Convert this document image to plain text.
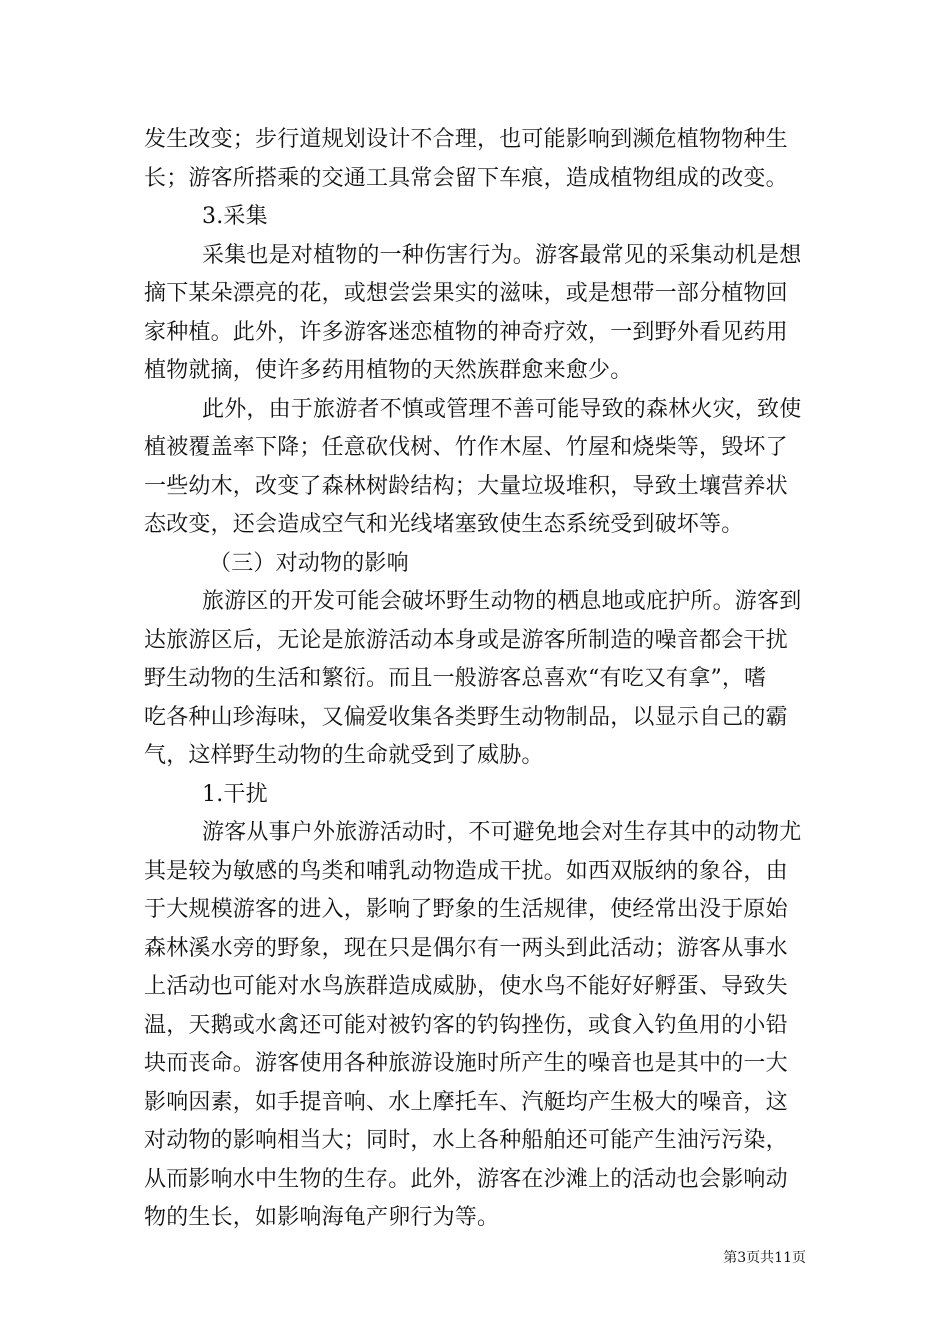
发生改变；步行道规划设计不合理，也可能影响到濒危植物物种生
长；游客所搭乘的交通工具常会留下车痕，造成植物组成的改变。
3.采集
采集也是对植物的一种伤害行为。游客最常见的采集动机是想
摘下某朵漂亮的花，或想尝尝果实的滋味，或是想带一部分植物回
家种植。此外，许多游客迷恋植物的神奇疗效，一到野外看见药用
植物就摘，使许多药用植物的天然族群愈来愈少。
此外，由于旅游者不慎或管理不善可能导致的森林火灾，致使
植被覆盖率下降；任意砍伐树、竹作木屋、竹屋和烧柴等，毁坏了
一些幼木，改变了森林树龄结构；大量垃圾堆积，导致土壤营养状
态改变，还会造成空气和光线堵塞致使生态系统受到破坏等。
（三）对动物的影响
旅游区的开发可能会破坏野生动物的栖息地或庇护所。游客到
达旅游区后，无论是旅游活动本身或是游客所制造的噪音都会干扰
野生动物的生活和繁衍。而且一般游客总喜欢“有吃又有拿”，嗜
吃各种山珍海味，又偏爱收集各类野生动物制品，以显示自己的霸
气，这样野生动物的生命就受到了威胁。
1.干扰
游客从事户外旅游活动时，不可避免地会对生存其中的动物尤
其是较为敏感的鸟类和哺乳动物造成干扰。如西双版纳的象谷，由
于大规模游客的进入，影响了野象的生活规律，使经常出没于原始
森林溪水旁的野象，现在只是偶尔有一两头到此活动；游客从事水
上活动也可能对水鸟族群造成威胁，使水鸟不能好好孵蛋、导致失
温，天鹅或水禽还可能对被钓客的钓钩挫伤，或食入钓鱼用的小铅
块而丧命。游客使用各种旅游设施时所产生的噪音也是其中的一大
影响因素，如手提音响、水上摩托车、汽艇均产生极大的噪音，这
对动物的影响相当大；同时，水上各种船舶还可能产生油污污染，
从而影响水中生物的生存。此外，游客在沙滩上的活动也会影响动
物的生长，如影响海龟产卵行为等。
第3页共11页
